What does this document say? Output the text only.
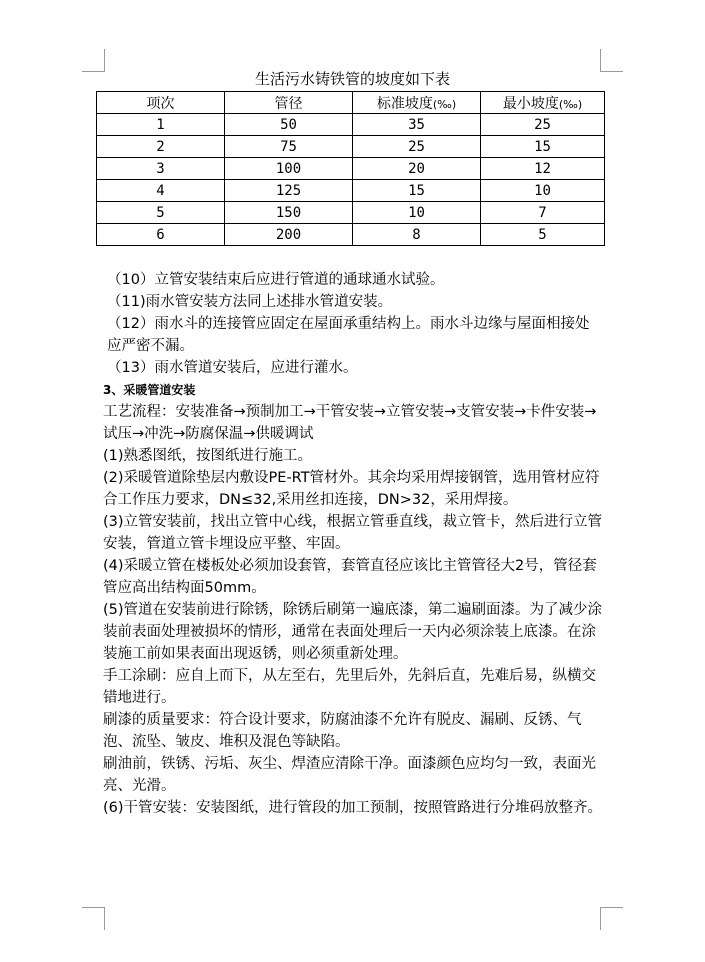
生活污水铸铁管的坡度如下表
项次	管径	标准坡度(‰)	最小坡度(‰)
1	50	35	25
2	75	25	15
3	100	20	12
4	125	15	10
5	150	10	7
6	200	8	5

（10）立管安装结束后应进行管道的通球通水试验。

（11)雨水管安装方法同上述排水管道安装。

（12）雨水斗的连接管应固定在屋面承重结构上。雨水斗边缘与屋面相接处应严密不漏。

（13）雨水管道安装后，应进行灌水。

3、采暖管道安装

工艺流程：安装准备→预制加工→干管安装→立管安装→支管安装→卡件安装→试压→冲洗→防腐保温→供暖调试

(1)熟悉图纸，按图纸进行施工。

(2)采暖管道除垫层内敷设PE-RT管材外。其余均采用焊接钢管，选用管材应符合工作压力要求，DN≤32,采用丝扣连接，DN>32，采用焊接。

(3)立管安装前，找出立管中心线，根据立管垂直线，裁立管卡，然后进行立管安装，管道立管卡埋设应平整、牢固。

(4)采暖立管在楼板处必须加设套管，套管直径应该比主管管径大2号，管径套管应高出结构面50mm。

(5)管道在安装前进行除锈，除锈后刷第一遍底漆，第二遍刷面漆。为了减少涂装前表面处理被损坏的情形，通常在表面处理后一天内必须涂装上底漆。在涂装施工前如果表面出现返锈，则必须重新处理。

手工涂刷：应自上而下，从左至右，先里后外，先斜后直，先难后易，纵横交错地进行。

刷漆的质量要求：符合设计要求，防腐油漆不允许有脱皮、漏刷、反锈、气泡、流坠、皱皮、堆积及混色等缺陷。

刷油前，铁锈、污垢、灰尘、焊渣应清除干净。面漆颜色应均匀一致，表面光亮、光滑。

(6)干管安装：安装图纸，进行管段的加工预制，按照管路进行分堆码放整齐。
